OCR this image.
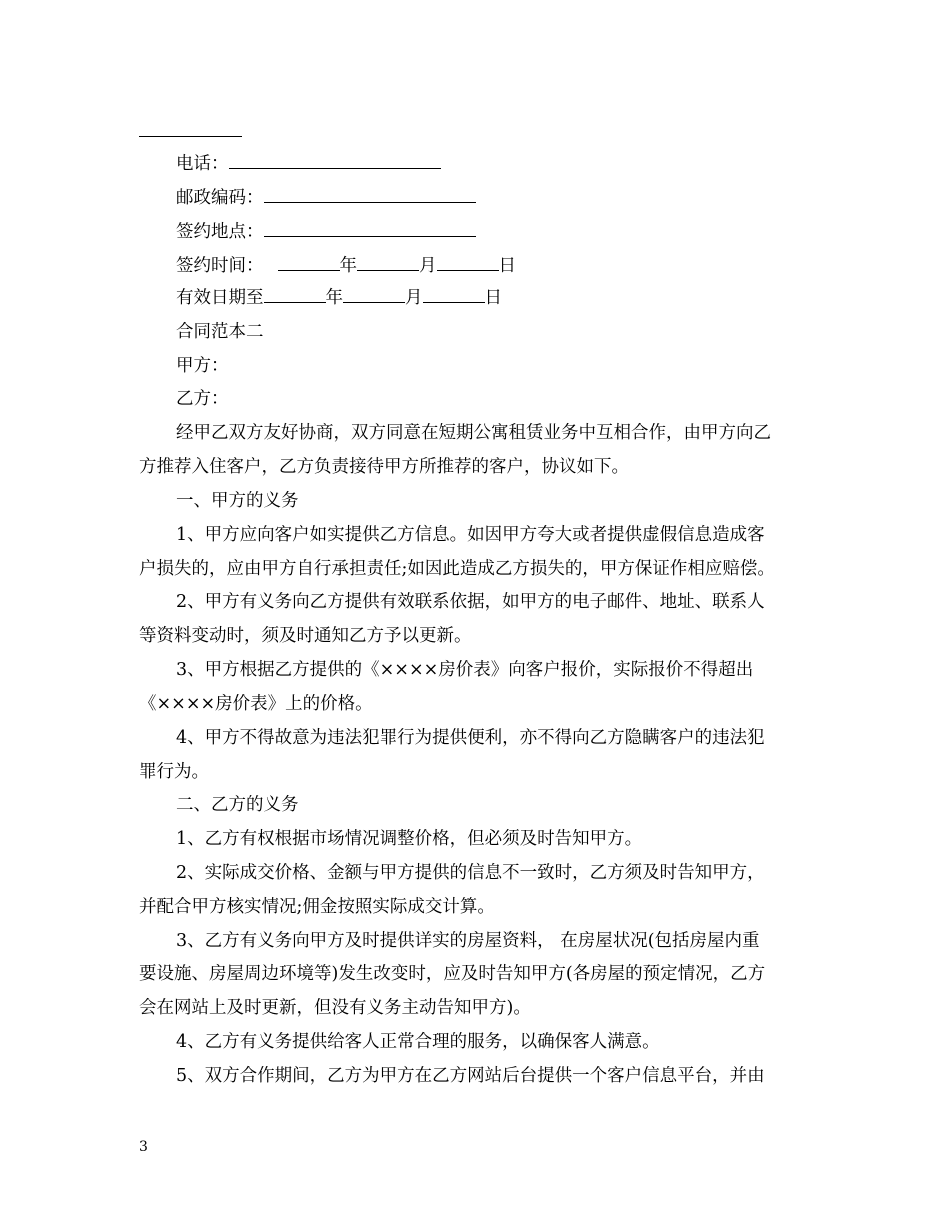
电话：
邮政编码：
签约地点：
签约时间：	年	月	日
有效日期至	年	月	日
合同范本二
甲方：
乙方：
经甲乙双方友好协商，双方同意在短期公寓租赁业务中互相合作，由甲方向乙
方推荐入住客户，乙方负责接待甲方所推荐的客户，协议如下。
一、甲方的义务
1、甲方应向客户如实提供乙方信息。如因甲方夸大或者提供虚假信息造成客
户损失的，应由甲方自行承担责任;如因此造成乙方损失的，甲方保证作相应赔偿。
2、甲方有义务向乙方提供有效联系依据，如甲方的电子邮件、地址、联系人
等资料变动时，须及时通知乙方予以更新。
3、甲方根据乙方提供的《××××房价表》向客户报价，实际报价不得超出
《××××房价表》上的价格。
4、甲方不得故意为违法犯罪行为提供便利，亦不得向乙方隐瞒客户的违法犯
罪行为。
二、乙方的义务
1、乙方有权根据市场情况调整价格，但必须及时告知甲方。
2、实际成交价格、金额与甲方提供的信息不一致时，乙方须及时告知甲方，
并配合甲方核实情况;佣金按照实际成交计算。
3、乙方有义务向甲方及时提供详实的房屋资料， 在房屋状况(包括房屋内重
要设施、房屋周边环境等)发生改变时，应及时告知甲方(各房屋的预定情况，乙方
会在网站上及时更新，但没有义务主动告知甲方)。
4、乙方有义务提供给客人正常合理的服务，以确保客人满意。
5、双方合作期间，乙方为甲方在乙方网站后台提供一个客户信息平台，并由
3
